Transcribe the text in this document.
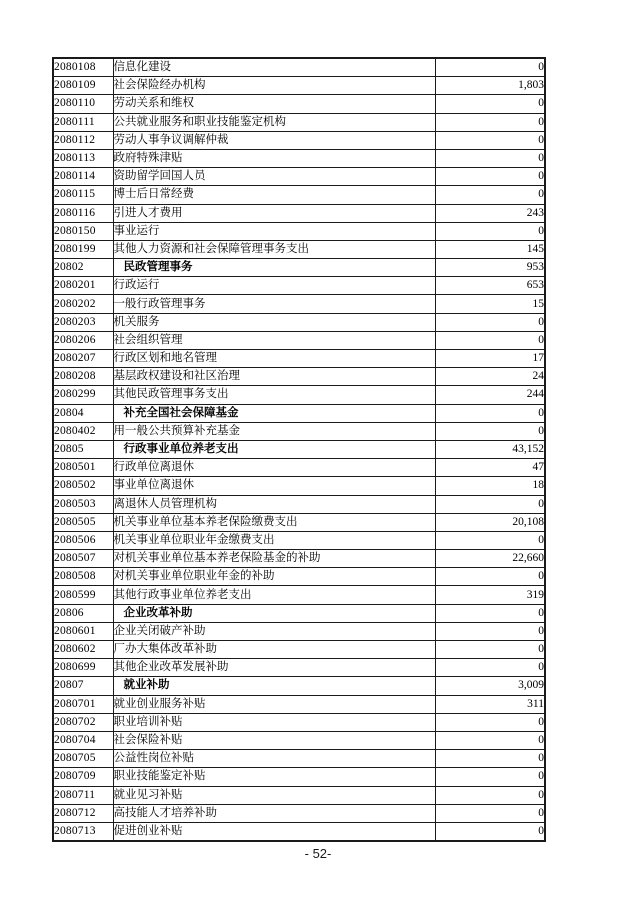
2080108	信息化建设	0
2080109	社会保险经办机构	1,803
2080110	劳动关系和维权	0
2080111	公共就业服务和职业技能鉴定机构	0
2080112	劳动人事争议调解仲裁	0
2080113	政府特殊津贴	0
2080114	资助留学回国人员	0
2080115	博士后日常经费	0
2080116	引进人才费用	243
2080150	事业运行	0
2080199	其他人力资源和社会保障管理事务支出	145
20802	民政管理事务	953
2080201	行政运行	653
2080202	一般行政管理事务	15
2080203	机关服务	0
2080206	社会组织管理	0
2080207	行政区划和地名管理	17
2080208	基层政权建设和社区治理	24
2080299	其他民政管理事务支出	244
20804	补充全国社会保障基金	0
2080402	用一般公共预算补充基金	0
20805	行政事业单位养老支出	43,152
2080501	行政单位离退休	47
2080502	事业单位离退休	18
2080503	离退休人员管理机构	0
2080505	机关事业单位基本养老保险缴费支出	20,108
2080506	机关事业单位职业年金缴费支出	0
2080507	对机关事业单位基本养老保险基金的补助	22,660
2080508	对机关事业单位职业年金的补助	0
2080599	其他行政事业单位养老支出	319
20806	企业改革补助	0
2080601	企业关闭破产补助	0
2080602	厂办大集体改革补助	0
2080699	其他企业改革发展补助	0
20807	就业补助	3,009
2080701	就业创业服务补贴	311
2080702	职业培训补贴	0
2080704	社会保险补贴	0
2080705	公益性岗位补贴	0
2080709	职业技能鉴定补贴	0
2080711	就业见习补贴	0
2080712	高技能人才培养补助	0
2080713	促进创业补贴	0
- 52-
